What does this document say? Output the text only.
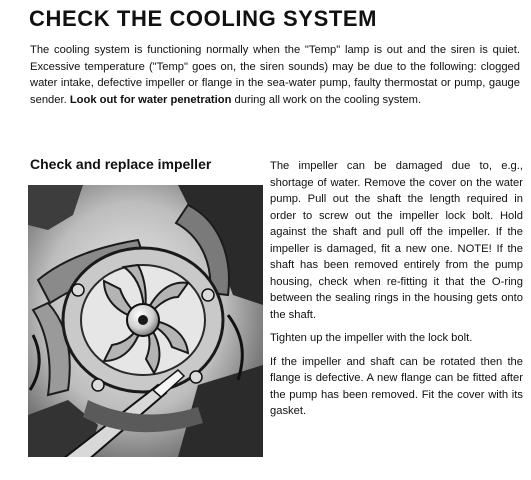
CHECK THE COOLING SYSTEM

The cooling system is functioning normally when the "Temp" lamp is out and the siren is quiet. Excessive temperature ("Temp" goes on, the siren sounds) may be due to the following: clogged water intake, defective impeller or flange in the sea-water pump, faulty thermostat or pump, gauge sender. Look out for water penetration during all work on the cooling system.

Check and replace impeller	The impeller can be damaged due to, e.g., shortage of water. Remove the cover on the water pump. Pull out the shaft the length required in order to screw out the impeller lock bolt. Hold against the shaft and pull off the impeller. If the impeller is damaged, fit a new one. NOTE! If the shaft has been removed entirely from the pump housing, check when re-fitting it that the O-ring between the sealing rings in the housing gets onto the shaft.

Tighten up the impeller with the lock bolt.

If the impeller and shaft can be rotated then the flange is defective. A new flange can be fitted after the pump has been removed. Fit the cover with its gasket.
